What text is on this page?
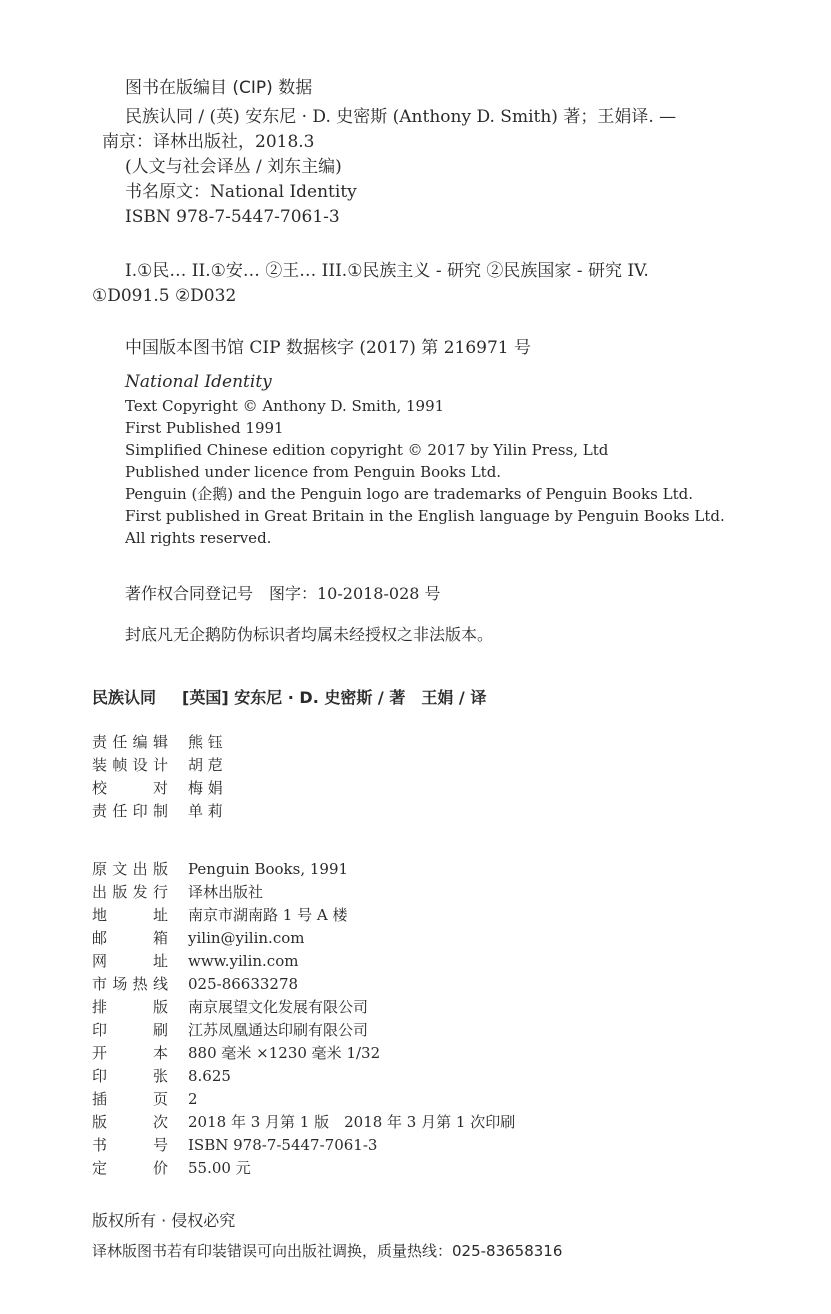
图书在版编目 (CIP) 数据
民族认同 / (英) 安东尼 · D. 史密斯 (Anthony D. Smith) 著；王娟译. —
南京：译林出版社，2018.3
(人文与社会译丛 / 刘东主编)
书名原文：National Identity
ISBN 978-7-5447-7061-3
I.①民… II.①安… ②王… III.①民族主义 - 研究 ②民族国家 - 研究 IV.
①D091.5 ②D032
中国版本图书馆 CIP 数据核字 (2017) 第 216971 号
National Identity
Text Copyright © Anthony D. Smith, 1991
First Published 1991
Simplified Chinese edition copyright © 2017 by Yilin Press, Ltd
Published under licence from Penguin Books Ltd.
Penguin (企鹅) and the Penguin logo are trademarks of Penguin Books Ltd.
First published in Great Britain in the English language by Penguin Books Ltd.
All rights reserved.
著作权合同登记号　图字：10-2018-028 号
封底凡无企鹅防伪标识者均属未经授权之非法版本。
民族认同 [英国] 安东尼 · D. 史密斯 / 著　王娟 / 译
责任编辑 熊 钰
装帧设计 胡 苨
校对 梅 娟
责任印制 单 莉
原文出版 Penguin Books, 1991
出版发行 译林出版社
地址 南京市湖南路 1 号 A 楼
邮箱 yilin@yilin.com
网址 www.yilin.com
市场热线 025-86633278
排版 南京展望文化发展有限公司
印刷 江苏凤凰通达印刷有限公司
开本 880 毫米 ×1230 毫米 1/32
印张 8.625
插页 2
版次 2018 年 3 月第 1 版　2018 年 3 月第 1 次印刷
书号 ISBN 978-7-5447-7061-3
定价 55.00 元
版权所有 · 侵权必究
译林版图书若有印装错误可向出版社调换，质量热线：025-83658316
